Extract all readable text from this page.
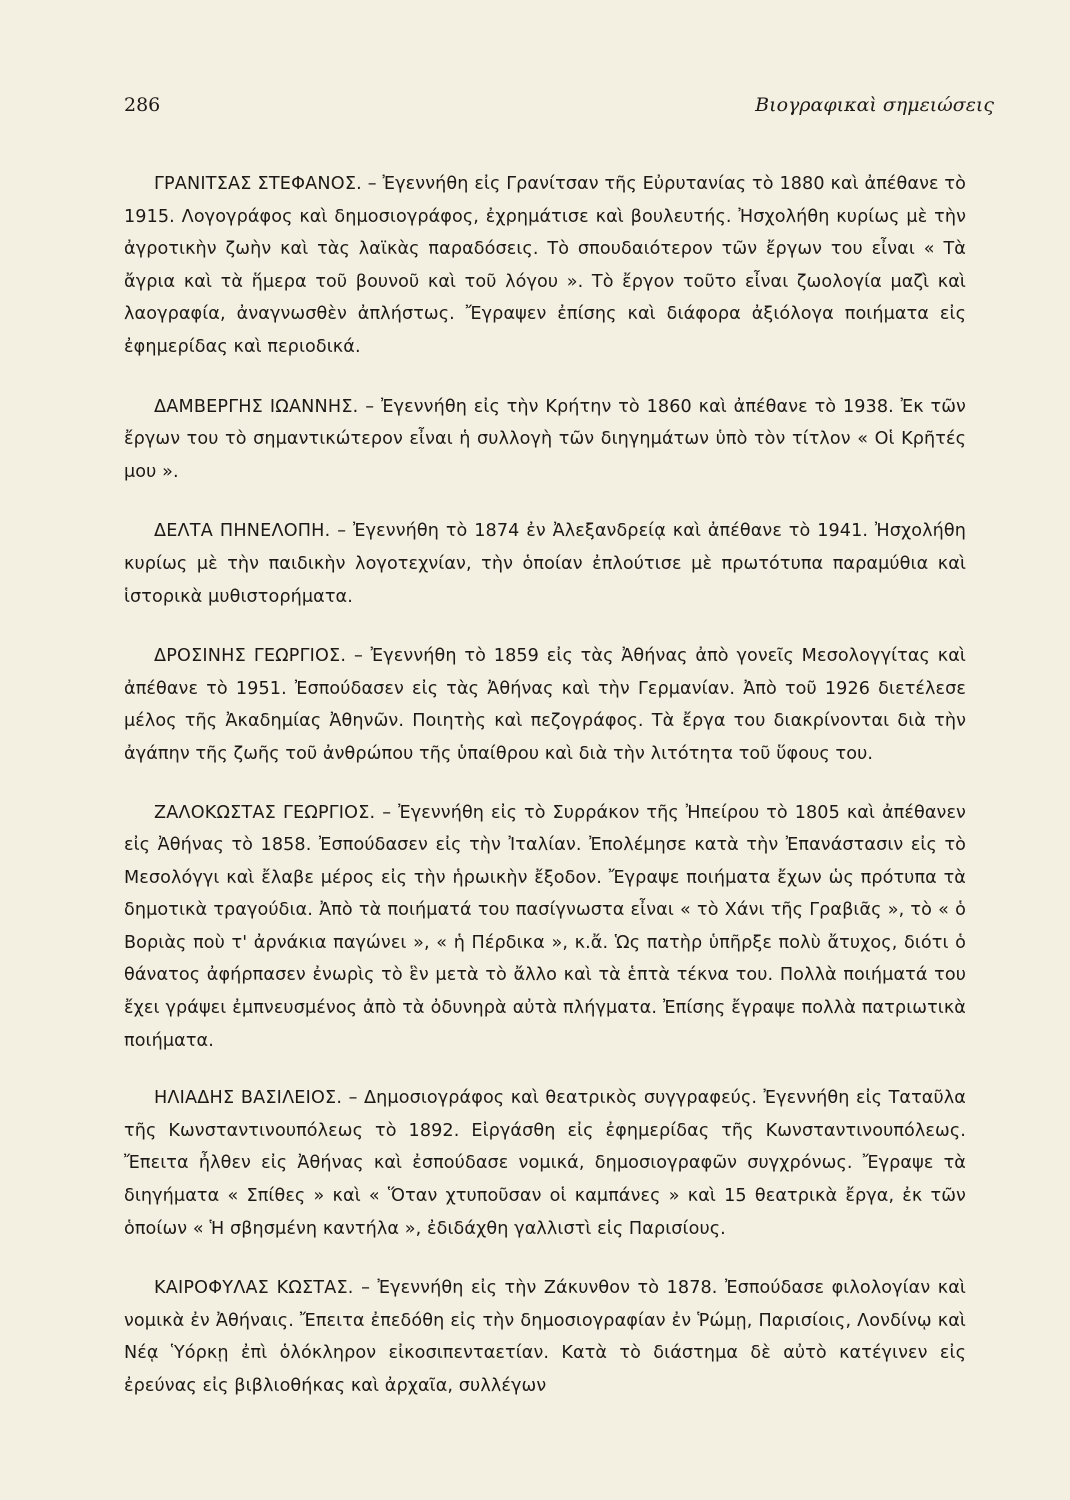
286	Βιογραφικαὶ σημειώσεις

ΓΡΑΝΙΤΣΑΣ ΣΤΕΦΑΝΟΣ. – Ἐγεννήθη εἰς Γρανίτσαν τῆς Εὐρυτανίας τὸ 1880 καὶ ἀπέθανε τὸ 1915. Λογογράφος καὶ δημοσιογράφος, ἐχρημάτισε καὶ βουλευτής. Ἠσχολήθη κυρίως μὲ τὴν ἀγροτικὴν ζωὴν καὶ τὰς λαϊκὰς παραδόσεις. Τὸ σπουδαιότερον τῶν ἔργων του εἶναι « Τὰ ἄγρια καὶ τὰ ἥμερα τοῦ βουνοῦ καὶ τοῦ λόγου ». Τὸ ἔργον τοῦτο εἶναι ζωολογία μαζὶ καὶ λαογραφία, ἀναγνωσθὲν ἀπλήστως. Ἔγραψεν ἐπίσης καὶ διάφορα ἀξιόλογα ποιήματα εἰς ἐφημερίδας καὶ περιοδικά.

ΔΑΜΒΕΡΓΗΣ ΙΩΑΝΝΗΣ. – Ἐγεννήθη εἰς τὴν Κρήτην τὸ 1860 καὶ ἀπέθανε τὸ 1938. Ἐκ τῶν ἔργων του τὸ σημαντικώτερον εἶναι ἡ συλλογὴ τῶν διηγημάτων ὑπὸ τὸν τίτλον « Οἱ Κρῆτές μου ».

ΔΕΛΤΑ ΠΗΝΕΛΟΠΗ. – Ἐγεννήθη τὸ 1874 ἐν Ἀλεξανδρείᾳ καὶ ἀπέθανε τὸ 1941. Ἠσχολήθη κυρίως μὲ τὴν παιδικὴν λογοτεχνίαν, τὴν ὁποίαν ἐπλούτισε μὲ πρωτότυπα παραμύθια καὶ ἱστορικὰ μυθιστορήματα.

ΔΡΟΣΙΝΗΣ ΓΕΩΡΓΙΟΣ. – Ἐγεννήθη τὸ 1859 εἰς τὰς Ἀθήνας ἀπὸ γονεῖς Μεσολογγίτας καὶ ἀπέθανε τὸ 1951. Ἐσπούδασεν εἰς τὰς Ἀθήνας καὶ τὴν Γερμανίαν. Ἀπὸ τοῦ 1926 διετέλεσε μέλος τῆς Ἀκαδημίας Ἀθηνῶν. Ποιητὴς καὶ πεζογράφος. Τὰ ἔργα του διακρίνονται διὰ τὴν ἀγάπην τῆς ζωῆς τοῦ ἀνθρώπου τῆς ὑπαίθρου καὶ διὰ τὴν λιτότητα τοῦ ὕφους του.

ΖΑΛΟΚΩΣΤΑΣ ΓΕΩΡΓΙΟΣ. – Ἐγεννήθη εἰς τὸ Συρράκον τῆς Ἠπείρου τὸ 1805 καὶ ἀπέθανεν εἰς Ἀθήνας τὸ 1858. Ἐσπούδασεν εἰς τὴν Ἰταλίαν. Ἐπολέμησε κατὰ τὴν Ἐπανάστασιν εἰς τὸ Μεσολόγγι καὶ ἔλαβε μέρος εἰς τὴν ἡρωικὴν ἔξοδον. Ἔγραψε ποιήματα ἔχων ὡς πρότυπα τὰ δημοτικὰ τραγούδια. Ἀπὸ τὰ ποιήματά του πασίγνωστα εἶναι « τὸ Χάνι τῆς Γραβιᾶς », τὸ « ὁ Βοριὰς ποὺ τ' ἀρνάκια παγώνει », « ἡ Πέρδικα », κ.ἄ. Ὡς πατὴρ ὑπῆρξε πολὺ ἄτυχος, διότι ὁ θάνατος ἀφήρπασεν ἐνωρὶς τὸ ἓν μετὰ τὸ ἄλλο καὶ τὰ ἑπτὰ τέκνα του. Πολλὰ ποιήματά του ἔχει γράψει ἐμπνευσμένος ἀπὸ τὰ ὀδυνηρὰ αὐτὰ πλήγματα. Ἐπίσης ἔγραψε πολλὰ πατριωτικὰ ποιήματα.

ΗΛΙΑΔΗΣ ΒΑΣΙΛΕΙΟΣ. – Δημοσιογράφος καὶ θεατρικὸς συγγραφεύς. Ἐγεννήθη εἰς Ταταῦλα τῆς Κωνσταντινουπόλεως τὸ 1892. Εἰργάσθη εἰς ἐφημερίδας τῆς Κωνσταντινουπόλεως. Ἔπειτα ἦλθεν εἰς Ἀθήνας καὶ ἐσπούδασε νομικά, δημοσιογραφῶν συγχρόνως. Ἔγραψε τὰ διηγήματα « Σπίθες » καὶ « Ὅταν χτυποῦσαν οἱ καμπάνες » καὶ 15 θεατρικὰ ἔργα, ἐκ τῶν ὁποίων « Ἡ σβησμένη καντήλα », ἐδιδάχθη γαλλιστὶ εἰς Παρισίους.

ΚΑΙΡΟΦΥΛΑΣ ΚΩΣΤΑΣ. – Ἐγεννήθη εἰς τὴν Ζάκυνθον τὸ 1878. Ἐσπούδασε φιλολογίαν καὶ νομικὰ ἐν Ἀθήναις. Ἔπειτα ἐπεδόθη εἰς τὴν δημοσιογραφίαν ἐν Ῥώμῃ, Παρισίοις, Λονδίνῳ καὶ Νέᾳ Ὑόρκῃ ἐπὶ ὁλόκληρον εἰκοσιπενταετίαν. Κατὰ τὸ διάστημα δὲ αὐτὸ κατέγινεν εἰς ἐρεύνας εἰς βιβλιοθήκας καὶ ἀρχαῖα, συλλέγων
